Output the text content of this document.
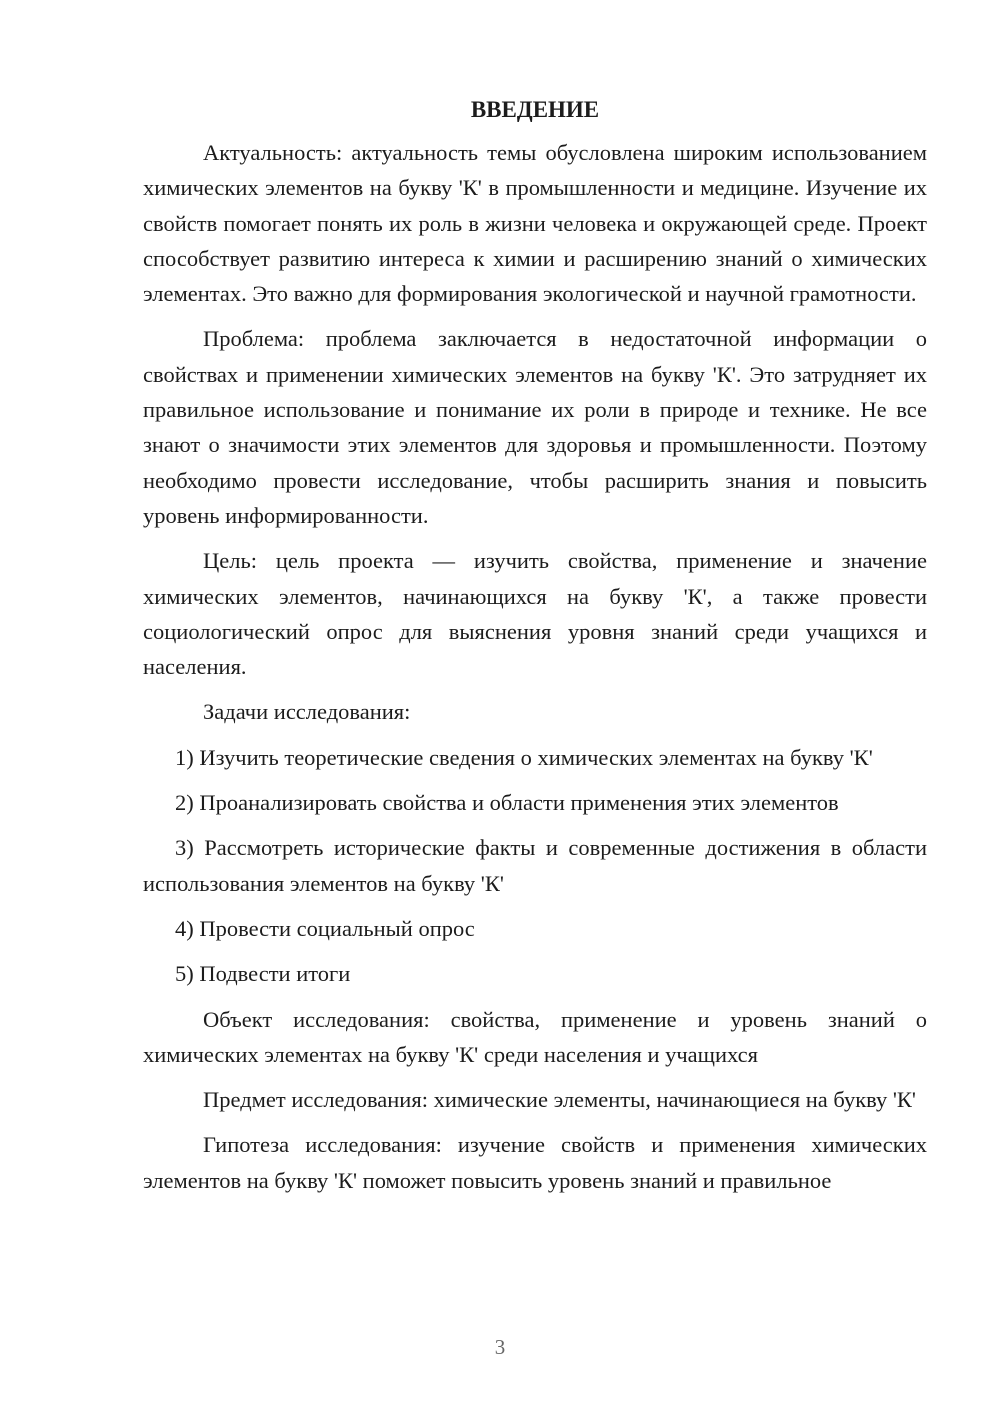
ВВЕДЕНИЕ

Актуальность: актуальность темы обусловлена широким использованием химических элементов на букву 'К' в промышленности и медицине. Изучение их свойств помогает понять их роль в жизни человека и окружающей среде. Проект способствует развитию интереса к химии и расширению знаний о химических элементах. Это важно для формирования экологической и научной грамотности.

Проблема: проблема заключается в недостаточной информации о свойствах и применении химических элементов на букву 'К'. Это затрудняет их правильное использование и понимание их роли в природе и технике. Не все знают о значимости этих элементов для здоровья и промышленности. Поэтому необходимо провести исследование, чтобы расширить знания и повысить уровень информированности.

Цель: цель проекта — изучить свойства, применение и значение химических элементов, начинающихся на букву 'К', а также провести социологический опрос для выяснения уровня знаний среди учащихся и населения.

Задачи исследования:

1) Изучить теоретические сведения о химических элементах на букву 'К'

2) Проанализировать свойства и области применения этих элементов

3) Рассмотреть исторические факты и современные достижения в области использования элементов на букву 'К'

4) Провести социальный опрос

5) Подвести итоги

Объект исследования: свойства, применение и уровень знаний о химических элементах на букву 'К' среди населения и учащихся

Предмет исследования: химические элементы, начинающиеся на букву 'К'

Гипотеза исследования: изучение свойств и применения химических элементов на букву 'К' поможет повысить уровень знаний и правильное

3
